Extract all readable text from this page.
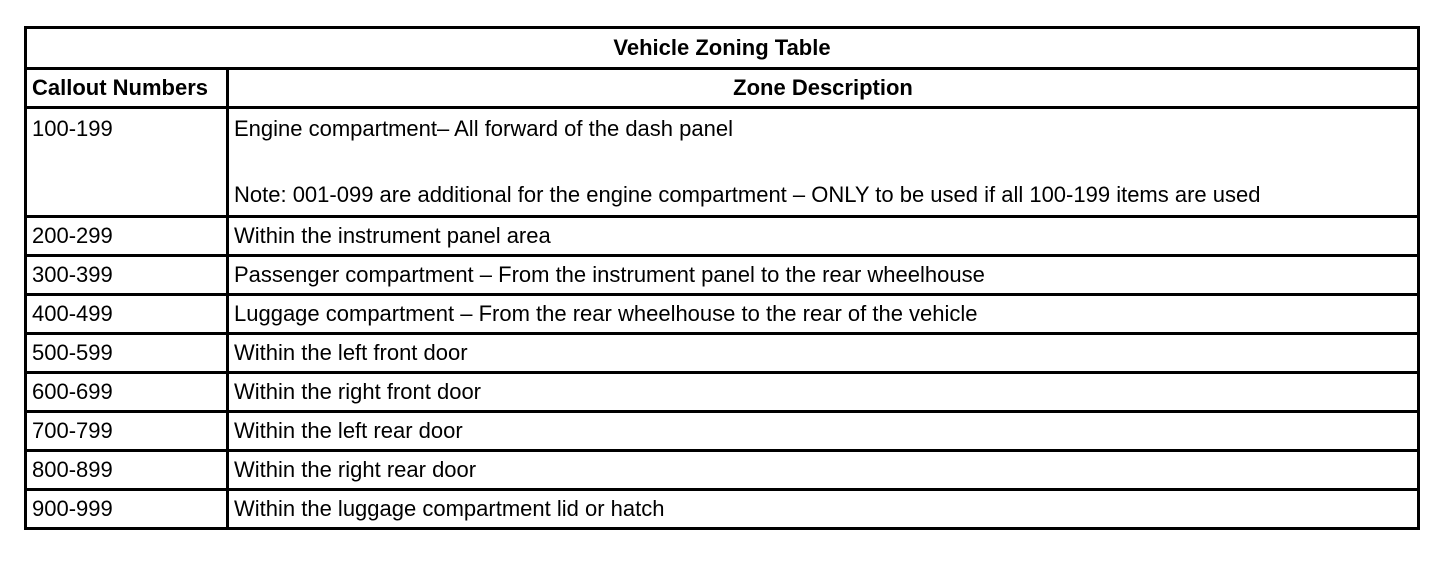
Vehicle Zoning Table	
Callout Numbers	Zone Description

100-199	Engine compartment– All forward of the dash panel
Note: 001-099 are additional for the engine compartment – ONLY to be used if all 100-199 items are used

200-299	Within the instrument panel area
300-399	Passenger compartment – From the instrument panel to the rear wheelhouse
400-499	Luggage compartment – From the rear wheelhouse to the rear of the vehicle
500-599	Within the left front door
600-699	Within the right front door
700-799	Within the left rear door
800-899	Within the right rear door
900-999	Within the luggage compartment lid or hatch
